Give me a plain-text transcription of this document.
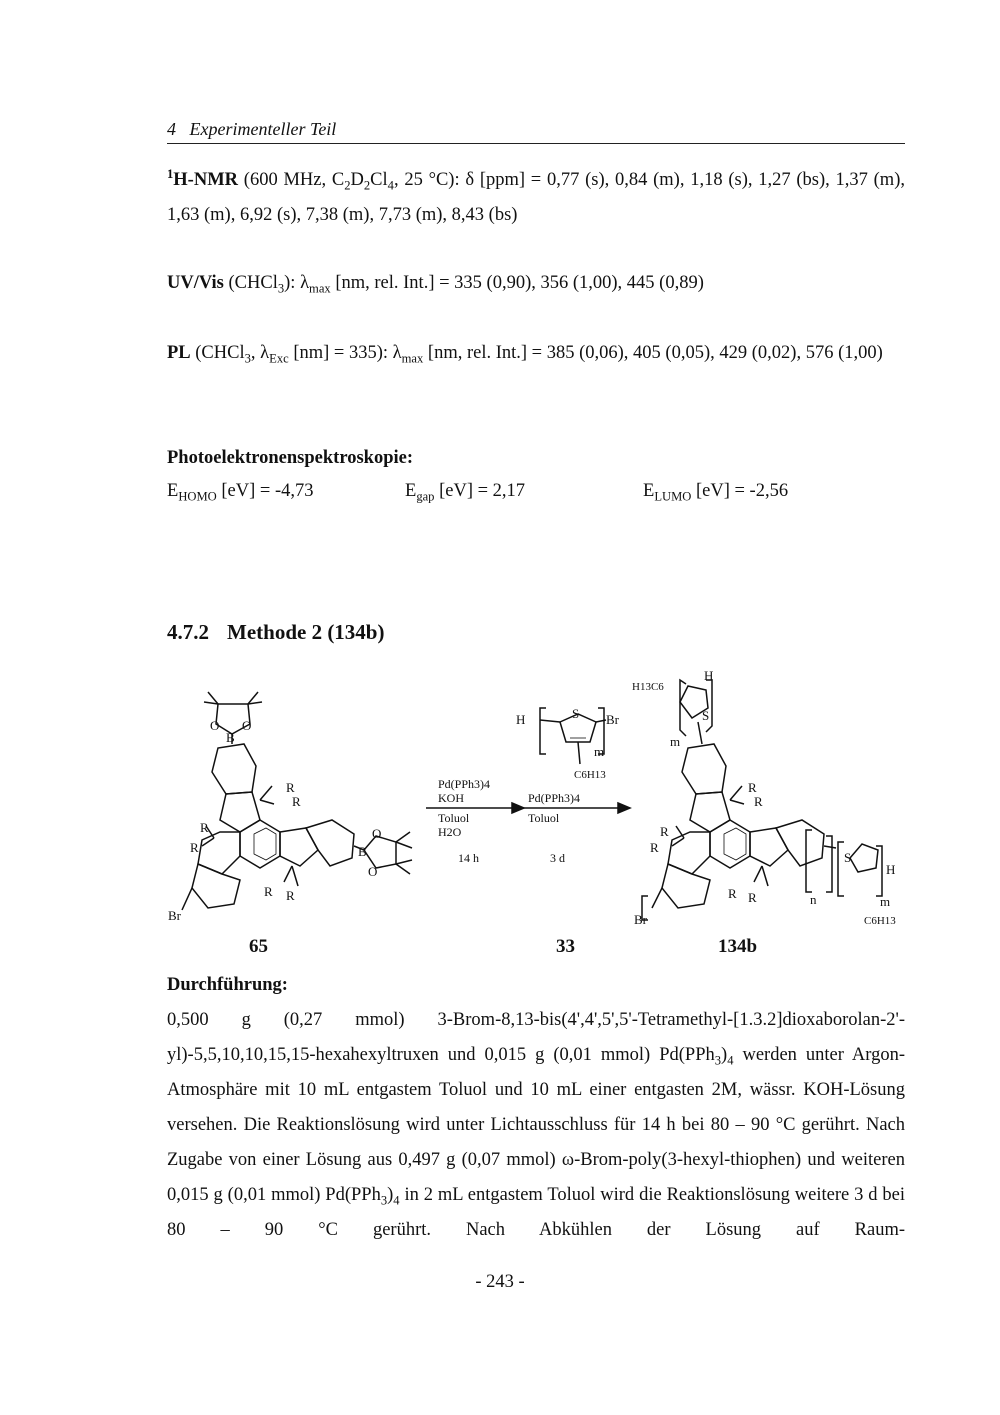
4 Experimenteller Teil
$^1$H-NMR (600 MHz, $C_2D_2Cl_4$, 25 °C): δ [ppm] = 0,77 (s), 0,84 (m), 1,18 (s), 1,27 (bs), 1,37 (m), 1,63 (m), 6,92 (s), 7,38 (m), 7,73 (m), 8,43 (bs)
UV/Vis (CHCl$_3$): $\lambda_{max}$ [nm, rel. Int.] = 335 (0,90), 356 (1,00), 445 (0,89)
PL (CHCl$_3$, $\lambda_{Exc}$ [nm] = 335): $\lambda_{max}$ [nm, rel. Int.] = 385 (0,06), 405 (0,05), 429 (0,02), 576 (1,00)
Photoelektronenspektroskopie:
$E_{HOMO}$ [eV] = -4,73	$E_{gap}$ [eV] = 2,17	$E_{LUMO}$ [eV] = -2,56
4.7.2 Methode 2 (134b)
O O
B
B
O
O
Br
R
R
R
R
R R
Pd(PPh3)4
KOH
Toluol
H2O
14 h
Pd(PPh3)4
Toluol
3 d
H	S Br
m
C6H13
H13C6
H
S
m
n
S
H
m
C6H13
Br
R
R
R
R
R R
65	33	134b
Durchführung:
0,500 g (0,27 mmol) 3-Brom-8,13-bis(4',4',5',5'-Tetramethyl-[1.3.2]dioxaborolan-2'-yl)-5,5,10,10,15,15-hexahexyltruxen und 0,015 g (0,01 mmol) $Pd(PPh_3)_4$ werden unter Argon-Atmosphäre mit 10 mL entgastem Toluol und 10 mL einer entgasten 2M, wässr. KOH-Lösung versehen. Die Reaktionslösung wird unter Lichtausschluss für 14 h bei 80 – 90 °C gerührt. Nach Zugabe von einer Lösung aus 0,497 g (0,07 mmol) ω-Brom-poly(3-hexyl-thiophen) und weiteren 0,015 g (0,01 mmol) $Pd(PPh_3)_4$ in 2 mL entgastem Toluol wird die Reaktionslösung weitere 3 d bei 80 – 90 °C gerührt. Nach Abkühlen der Lösung auf Raum-
- 243 -
